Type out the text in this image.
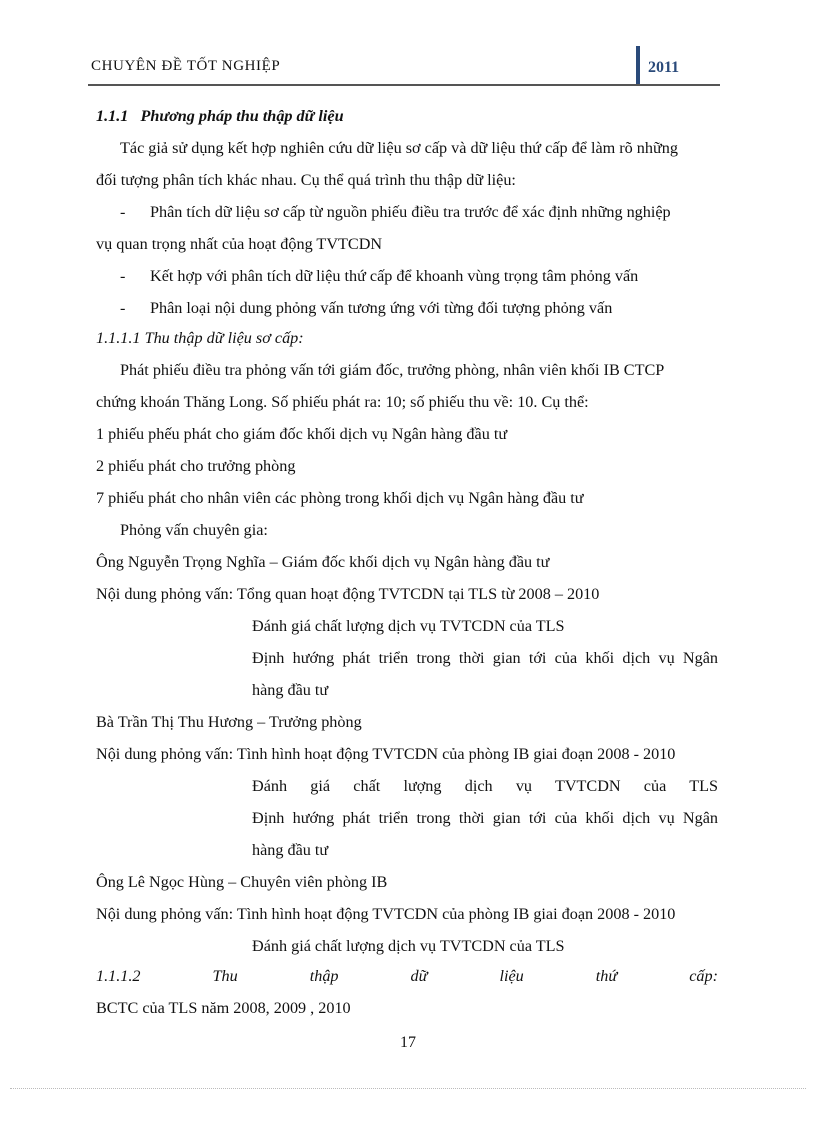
CHUYÊN ĐỀ TỐT NGHIỆP	2011
1.1.1 Phương pháp thu thập dữ liệu
Tác giả sử dụng kết hợp nghiên cứu dữ liệu sơ cấp và dữ liệu thứ cấp để làm rõ những
đối tượng phân tích khác nhau. Cụ thể quá trình thu thập dữ liệu:
- Phân tích dữ liệu sơ cấp từ nguồn phiếu điều tra trước để xác định những nghiệp
vụ quan trọng nhất của hoạt động TVTCDN
- Kết hợp với phân tích dữ liệu thứ cấp để khoanh vùng trọng tâm phỏng vấn
- Phân loại nội dung phỏng vấn tương ứng với từng đối tượng phỏng vấn
1.1.1.1 Thu thập dữ liệu sơ cấp:
Phát phiếu điều tra phỏng vấn tới giám đốc, trưởng phòng, nhân viên khối IB CTCP
chứng khoán Thăng Long. Số phiếu phát ra: 10; số phiếu thu về: 10. Cụ thể:
1 phiếu phếu phát cho giám đốc khối dịch vụ Ngân hàng đầu tư
2 phiếu phát cho trưởng phòng
7 phiếu phát cho nhân viên các phòng trong khối dịch vụ Ngân hàng đầu tư
Phỏng vấn chuyên gia:
Ông Nguyễn Trọng Nghĩa – Giám đốc khối dịch vụ Ngân hàng đầu tư
Nội dung phỏng vấn: Tổng quan hoạt động TVTCDN tại TLS từ 2008 – 2010
Đánh giá chất lượng dịch vụ TVTCDN của TLS
Định hướng phát triển trong thời gian tới của khối dịch vụ Ngân
hàng đầu tư
Bà Trần Thị Thu Hương – Trưởng phòng
Nội dung phỏng vấn: Tình hình hoạt động TVTCDN của phòng IB giai đoạn 2008 - 2010
Đánh giá chất lượng dịch vụ TVTCDN của TLS
Định hướng phát triển trong thời gian tới của khối dịch vụ Ngân
hàng đầu tư
Ông Lê Ngọc Hùng – Chuyên viên phòng IB
Nội dung phỏng vấn: Tình hình hoạt động TVTCDN của phòng IB giai đoạn 2008 - 2010
Đánh giá chất lượng dịch vụ TVTCDN của TLS
1.1.1.2	Thu	thập	dữ	liệu	thứ	cấp:
BCTC của TLS năm 2008, 2009 , 2010
17
